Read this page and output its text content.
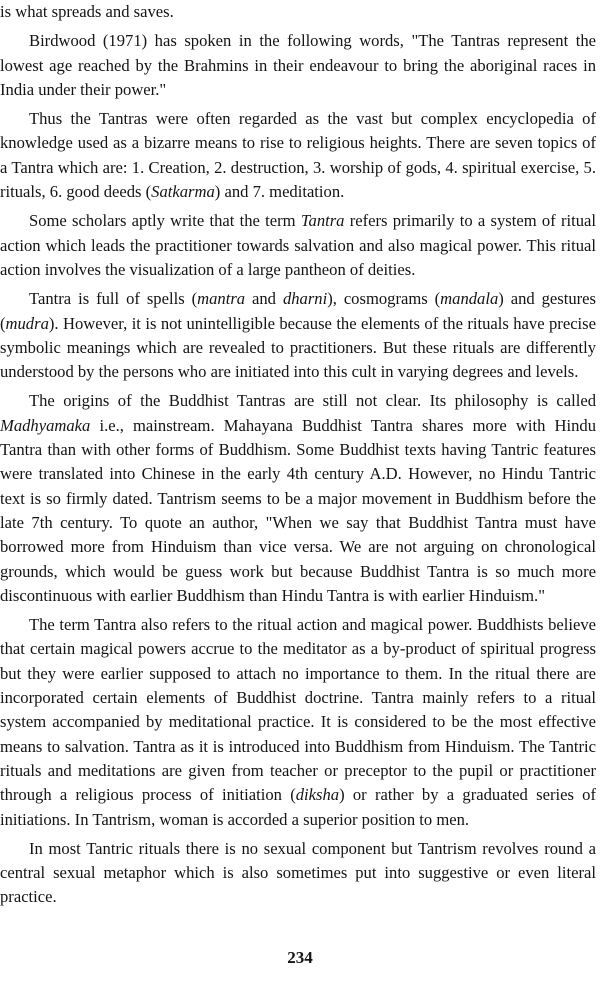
is what spreads and saves.

Birdwood (1971) has spoken in the following words, "The Tantras represent the lowest age reached by the Brahmins in their endeavour to bring the aboriginal races in India under their power."

Thus the Tantras were often regarded as the vast but complex encyclopedia of knowledge used as a bizarre means to rise to religious heights. There are seven topics of a Tantra which are: 1. Creation, 2. destruction, 3. worship of gods, 4. spiritual exercise, 5. rituals, 6. good deeds (Satkarma) and 7. meditation.

Some scholars aptly write that the term Tantra refers primarily to a system of ritual action which leads the practitioner towards salvation and also magical power. This ritual action involves the visualization of a large pantheon of deities.

Tantra is full of spells (mantra and dharni), cosmograms (mandala) and gestures (mudra). However, it is not unintelligible because the elements of the rituals have precise symbolic meanings which are revealed to practitioners. But these rituals are differently understood by the persons who are initiated into this cult in varying degrees and levels.

The origins of the Buddhist Tantras are still not clear. Its philosophy is called Madhyamaka i.e., mainstream. Mahayana Buddhist Tantra shares more with Hindu Tantra than with other forms of Buddhism. Some Buddhist texts having Tantric features were translated into Chinese in the early 4th century A.D. However, no Hindu Tantric text is so firmly dated. Tantrism seems to be a major movement in Buddhism before the late 7th century. To quote an author, "When we say that Buddhist Tantra must have borrowed more from Hinduism than vice versa. We are not arguing on chronological grounds, which would be guess work but because Buddhist Tantra is so much more discontinuous with earlier Buddhism than Hindu Tantra is with earlier Hinduism."

The term Tantra also refers to the ritual action and magical power. Buddhists believe that certain magical powers accrue to the meditator as a by-product of spiritual progress but they were earlier supposed to attach no importance to them. In the ritual there are incorporated certain elements of Buddhist doctrine. Tantra mainly refers to a ritual system accompanied by meditational practice. It is considered to be the most effective means to salvation. Tantra as it is introduced into Buddhism from Hinduism. The Tantric rituals and meditations are given from teacher or preceptor to the pupil or practitioner through a religious process of initiation (diksha) or rather by a graduated series of initiations. In Tantrism, woman is accorded a superior position to men.

In most Tantric rituals there is no sexual component but Tantrism revolves round a central sexual metaphor which is also sometimes put into suggestive or even literal practice.

234
